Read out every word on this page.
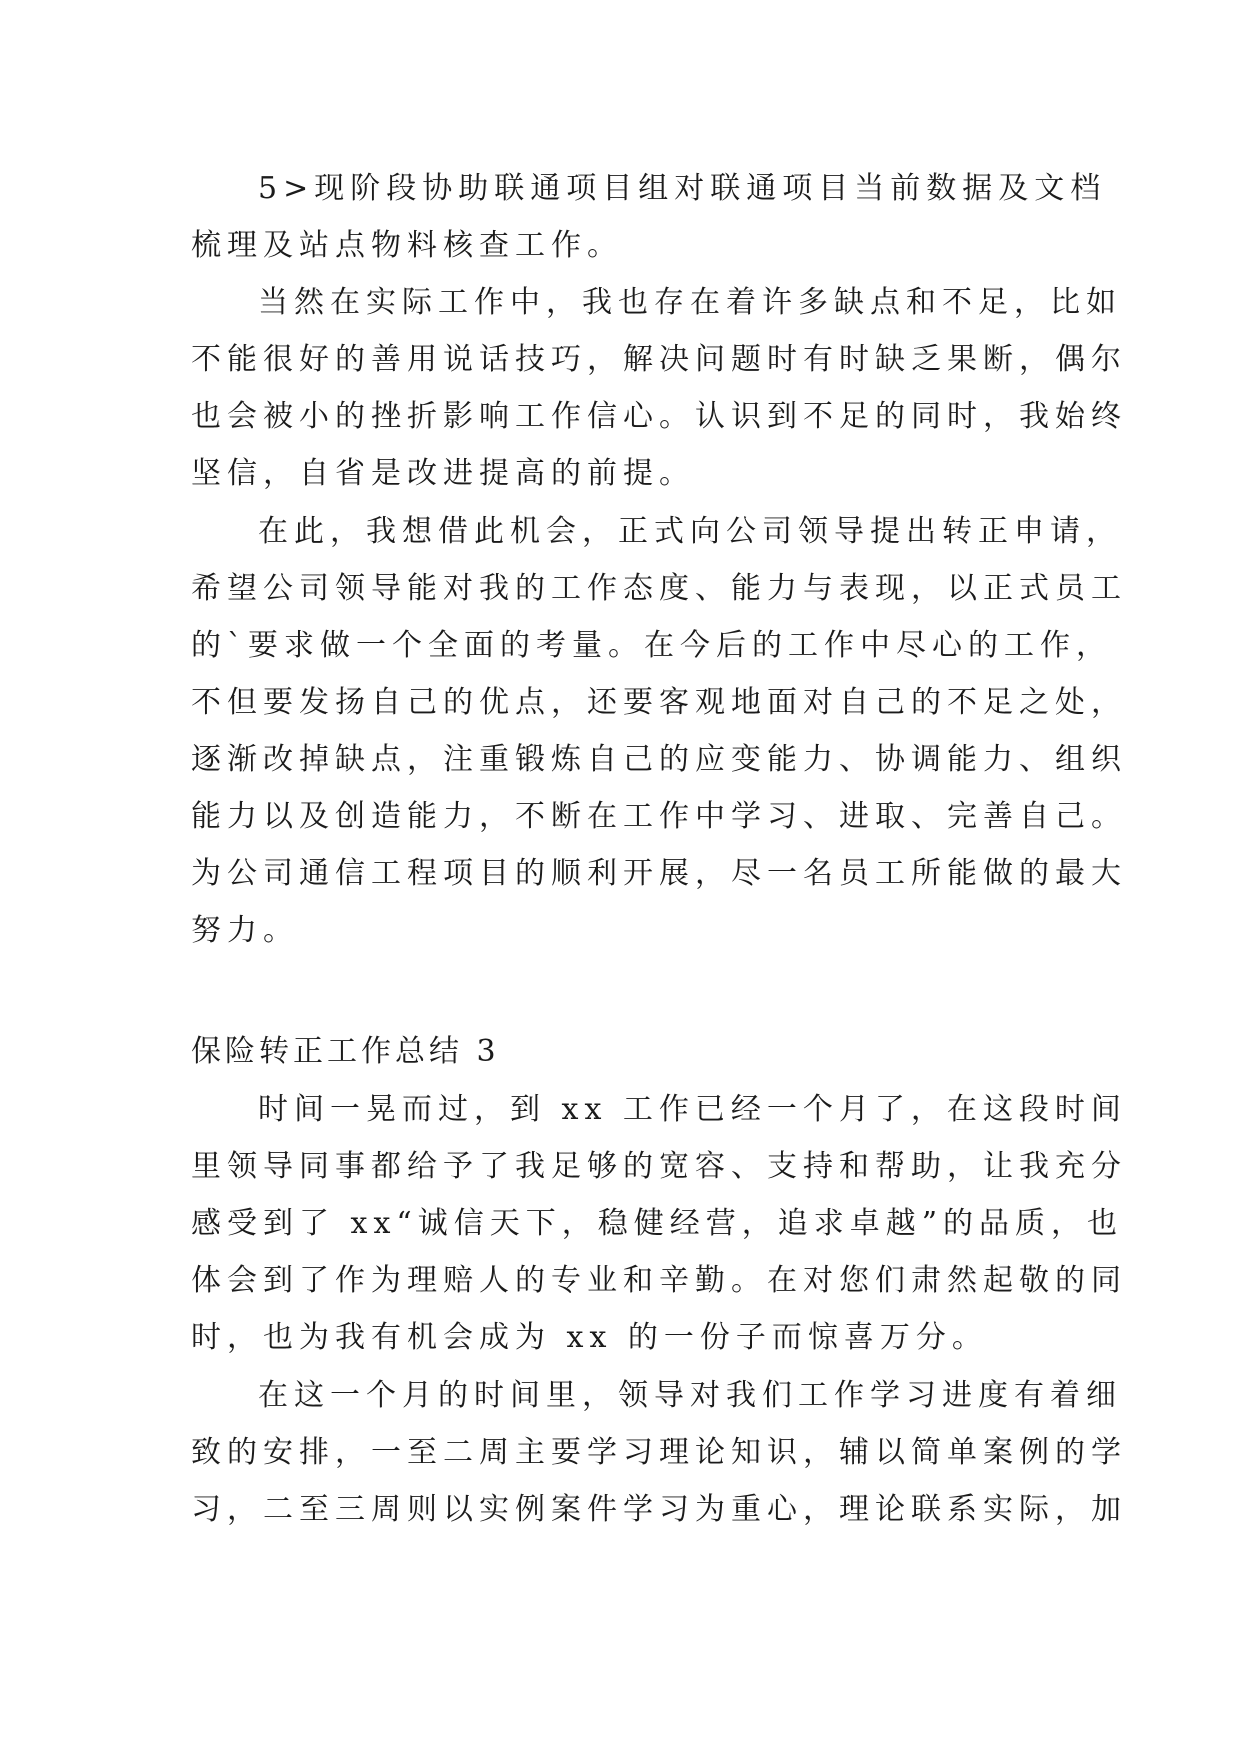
5>现阶段协助联通项目组对联通项目当前数据及文档
梳理及站点物料核查工作。
当然在实际工作中，我也存在着许多缺点和不足，比如
不能很好的善用说话技巧，解决问题时有时缺乏果断，偶尔
也会被小的挫折影响工作信心。认识到不足的同时，我始终
坚信，自省是改进提高的前提。
在此，我想借此机会，正式向公司领导提出转正申请，
希望公司领导能对我的工作态度、能力与表现，以正式员工
的`要求做一个全面的考量。在今后的工作中尽心的工作，
不但要发扬自己的优点，还要客观地面对自己的不足之处，
逐渐改掉缺点，注重锻炼自己的应变能力、协调能力、组织
能力以及创造能力，不断在工作中学习、进取、完善自己。
为公司通信工程项目的顺利开展，尽一名员工所能做的最大
努力。
保险转正工作总结 3
时间一晃而过，到 xx 工作已经一个月了，在这段时间
里领导同事都给予了我足够的宽容、支持和帮助，让我充分
感受到了 xx“诚信天下，稳健经营，追求卓越”的品质，也
体会到了作为理赔人的专业和辛勤。在对您们肃然起敬的同
时，也为我有机会成为 xx 的一份子而惊喜万分。
在这一个月的时间里，领导对我们工作学习进度有着细
致的安排，一至二周主要学习理论知识，辅以简单案例的学
习，二至三周则以实例案件学习为重心，理论联系实际，加
